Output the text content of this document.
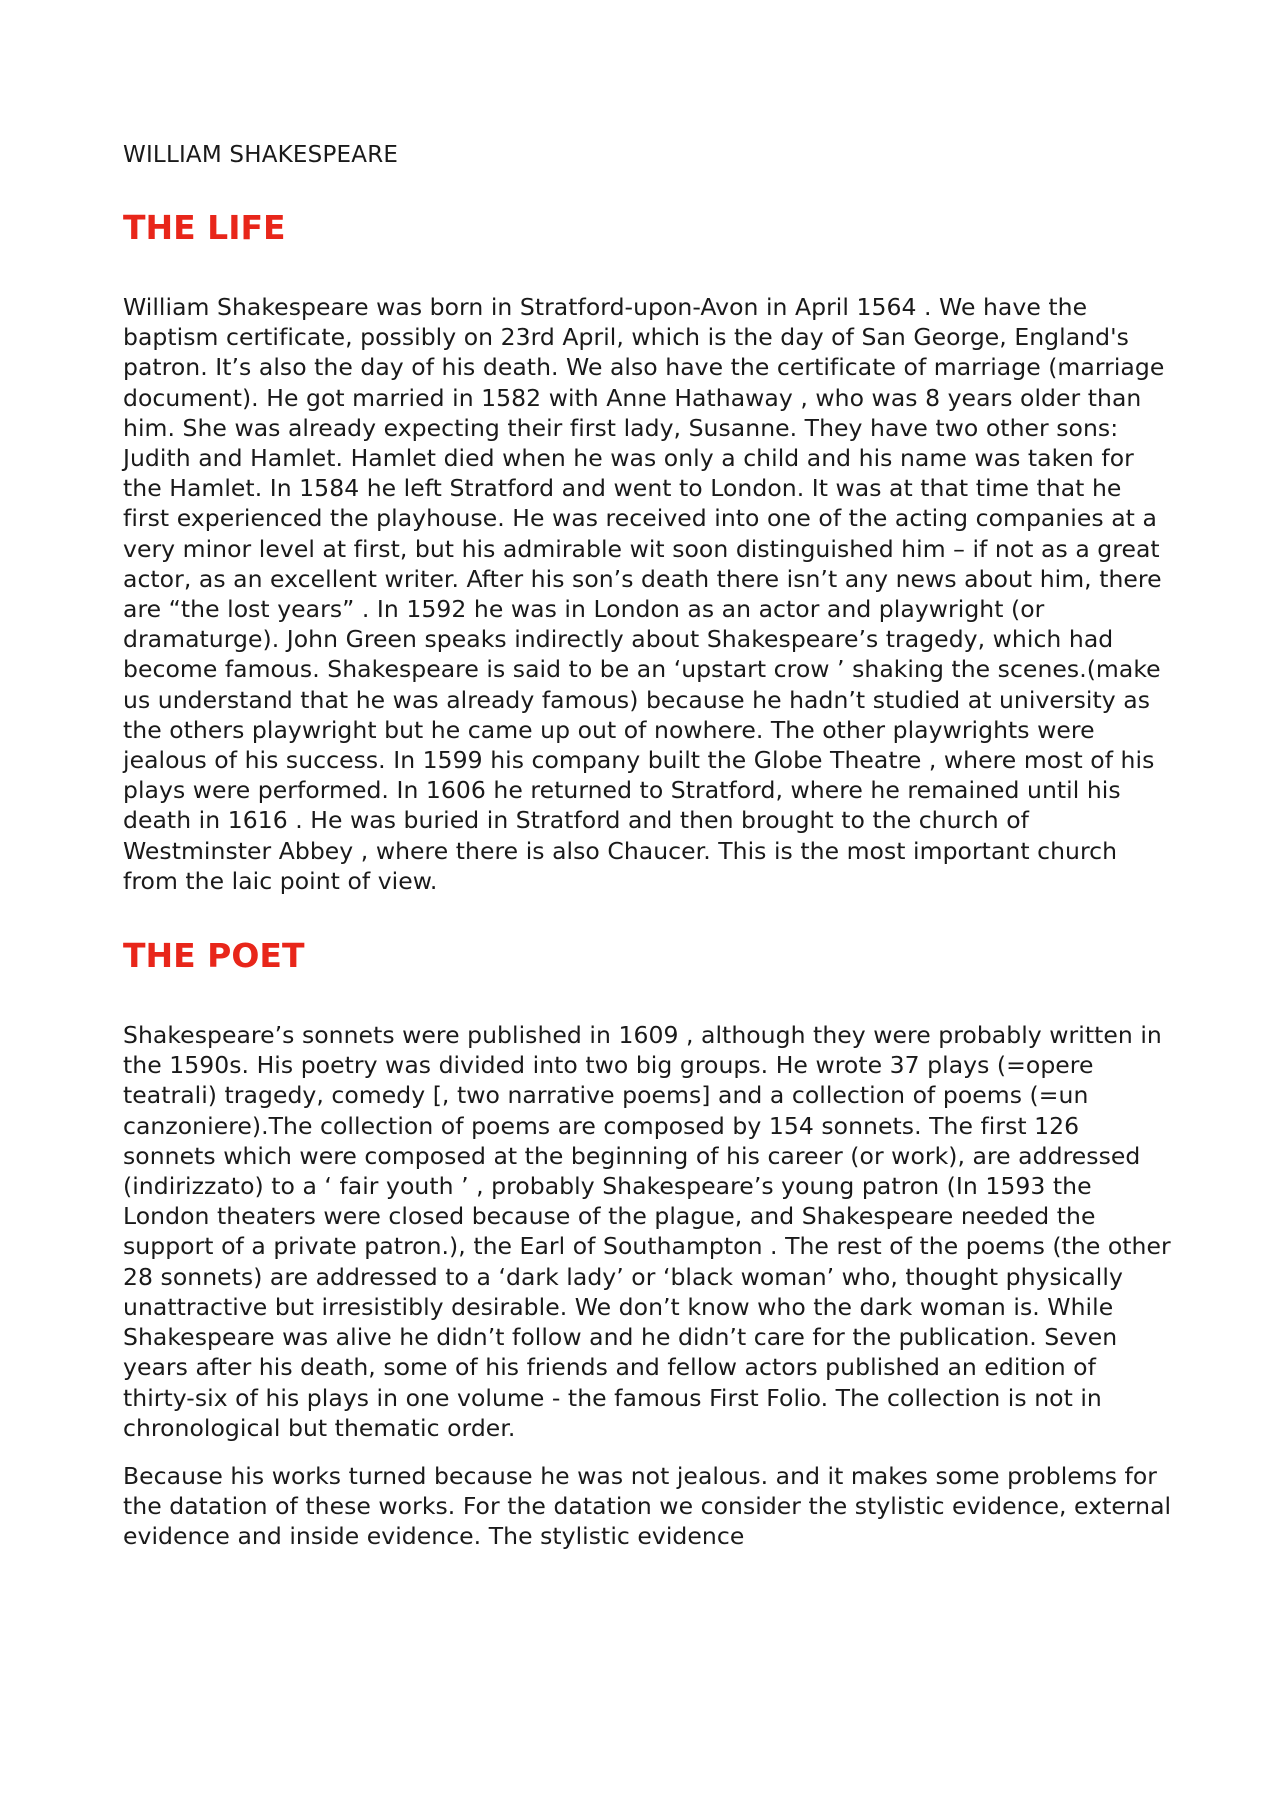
WILLIAM SHAKESPEARE

THE LIFE

William Shakespeare was born in Stratford-upon-Avon in April 1564 . We have the baptism certificate, possibly on 23rd April, which is the day of San George, England's patron. It’s also the day of his death. We also have the certificate of marriage (marriage document). He got married in 1582 with Anne Hathaway , who was 8 years older than him. She was already expecting their first lady, Susanne. They have two other sons: Judith and Hamlet. Hamlet died when he was only a child and his name was taken for the Hamlet. In 1584 he left Stratford and went to London. It was at that time that he first experienced the playhouse. He was received into one of the acting companies at a very minor level at first, but his admirable wit soon distinguished him – if not as a great actor, as an excellent writer. After his son’s death there isn’t any news about him, there are “the lost years” . In 1592 he was in London as an actor and playwright (or dramaturge). John Green speaks indirectly about Shakespeare’s tragedy, which had become famous. Shakespeare is said to be an ‘upstart crow ’ shaking the scenes.(make us understand that he was already famous) because he hadn’t studied at university as the others playwright but he came up out of nowhere. The other playwrights were jealous of his success. In 1599 his company built the Globe Theatre , where most of his plays were performed. In 1606 he returned to Stratford, where he remained until his death in 1616 . He was buried in Stratford and then brought to the church of Westminster Abbey , where there is also Chaucer. This is the most important church from the laic point of view.

THE POET

Shakespeare’s sonnets were published in 1609 , although they were probably written in the 1590s. His poetry was divided into two big groups. He wrote 37 plays (=opere teatrali) tragedy, comedy [, two narrative poems] and a collection of poems (=un canzoniere).The collection of poems are composed by 154 sonnets. The first 126 sonnets which were composed at the beginning of his career (or work), are addressed (indirizzato) to a ‘ fair youth ’ , probably Shakespeare’s young patron (In 1593 the London theaters were closed because of the plague, and Shakespeare needed the support of a private patron.), the Earl of Southampton . The rest of the poems (the other 28 sonnets) are addressed to a ‘dark lady’ or ‘black woman’ who, thought physically unattractive but irresistibly desirable. We don’t know who the dark woman is. While Shakespeare was alive he didn’t follow and he didn’t care for the publication. Seven years after his death, some of his friends and fellow actors published an edition of thirty-six of his plays in one volume - the famous First Folio. The collection is not in chronological but thematic order.

Because his works turned because he was not jealous. and it makes some problems for the datation of these works. For the datation we consider the stylistic evidence, external evidence and inside evidence. The stylistic evidence
